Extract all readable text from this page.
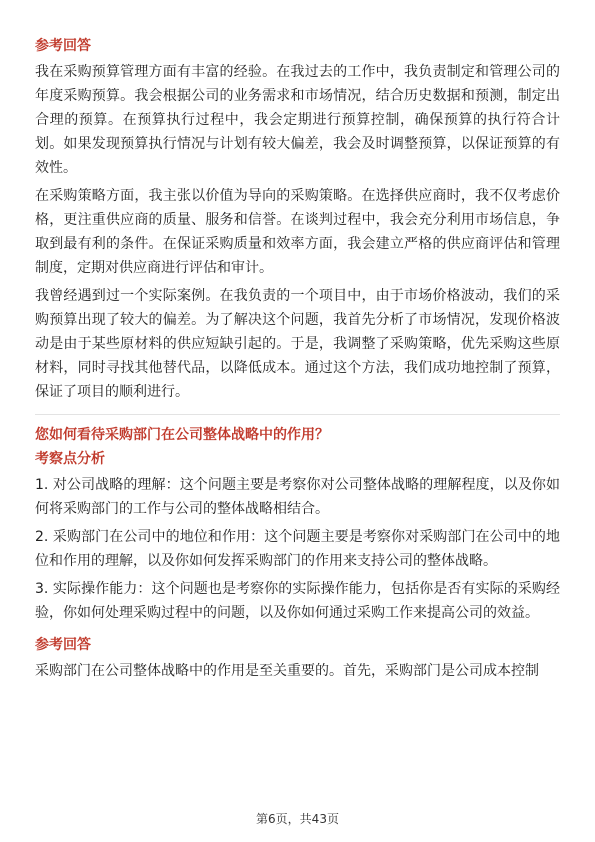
参考回答

我在采购预算管理方面有丰富的经验。在我过去的工作中，我负责制定和管理公司的年度采购预算。我会根据公司的业务需求和市场情况，结合历史数据和预测，制定出合理的预算。在预算执行过程中，我会定期进行预算控制，确保预算的执行符合计划。如果发现预算执行情况与计划有较大偏差，我会及时调整预算，以保证预算的有效性。

在采购策略方面，我主张以价值为导向的采购策略。在选择供应商时，我不仅考虑价格，更注重供应商的质量、服务和信誉。在谈判过程中，我会充分利用市场信息，争取到最有利的条件。在保证采购质量和效率方面，我会建立严格的供应商评估和管理制度，定期对供应商进行评估和审计。

我曾经遇到过一个实际案例。在我负责的一个项目中，由于市场价格波动，我们的采购预算出现了较大的偏差。为了解决这个问题，我首先分析了市场情况，发现价格波动是由于某些原材料的供应短缺引起的。于是，我调整了采购策略，优先采购这些原材料，同时寻找其他替代品，以降低成本。通过这个方法，我们成功地控制了预算，保证了项目的顺利进行。

您如何看待采购部门在公司整体战略中的作用？
考察点分析

1. 对公司战略的理解：这个问题主要是考察你对公司整体战略的理解程度，以及你如何将采购部门的工作与公司的整体战略相结合。

2. 采购部门在公司中的地位和作用：这个问题主要是考察你对采购部门在公司中的地位和作用的理解，以及你如何发挥采购部门的作用来支持公司的整体战略。

3. 实际操作能力：这个问题也是考察你的实际操作能力，包括你是否有实际的采购经验，你如何处理采购过程中的问题，以及你如何通过采购工作来提高公司的效益。

参考回答

采购部门在公司整体战略中的作用是至关重要的。首先，采购部门是公司成本控制

第6页，共43页
